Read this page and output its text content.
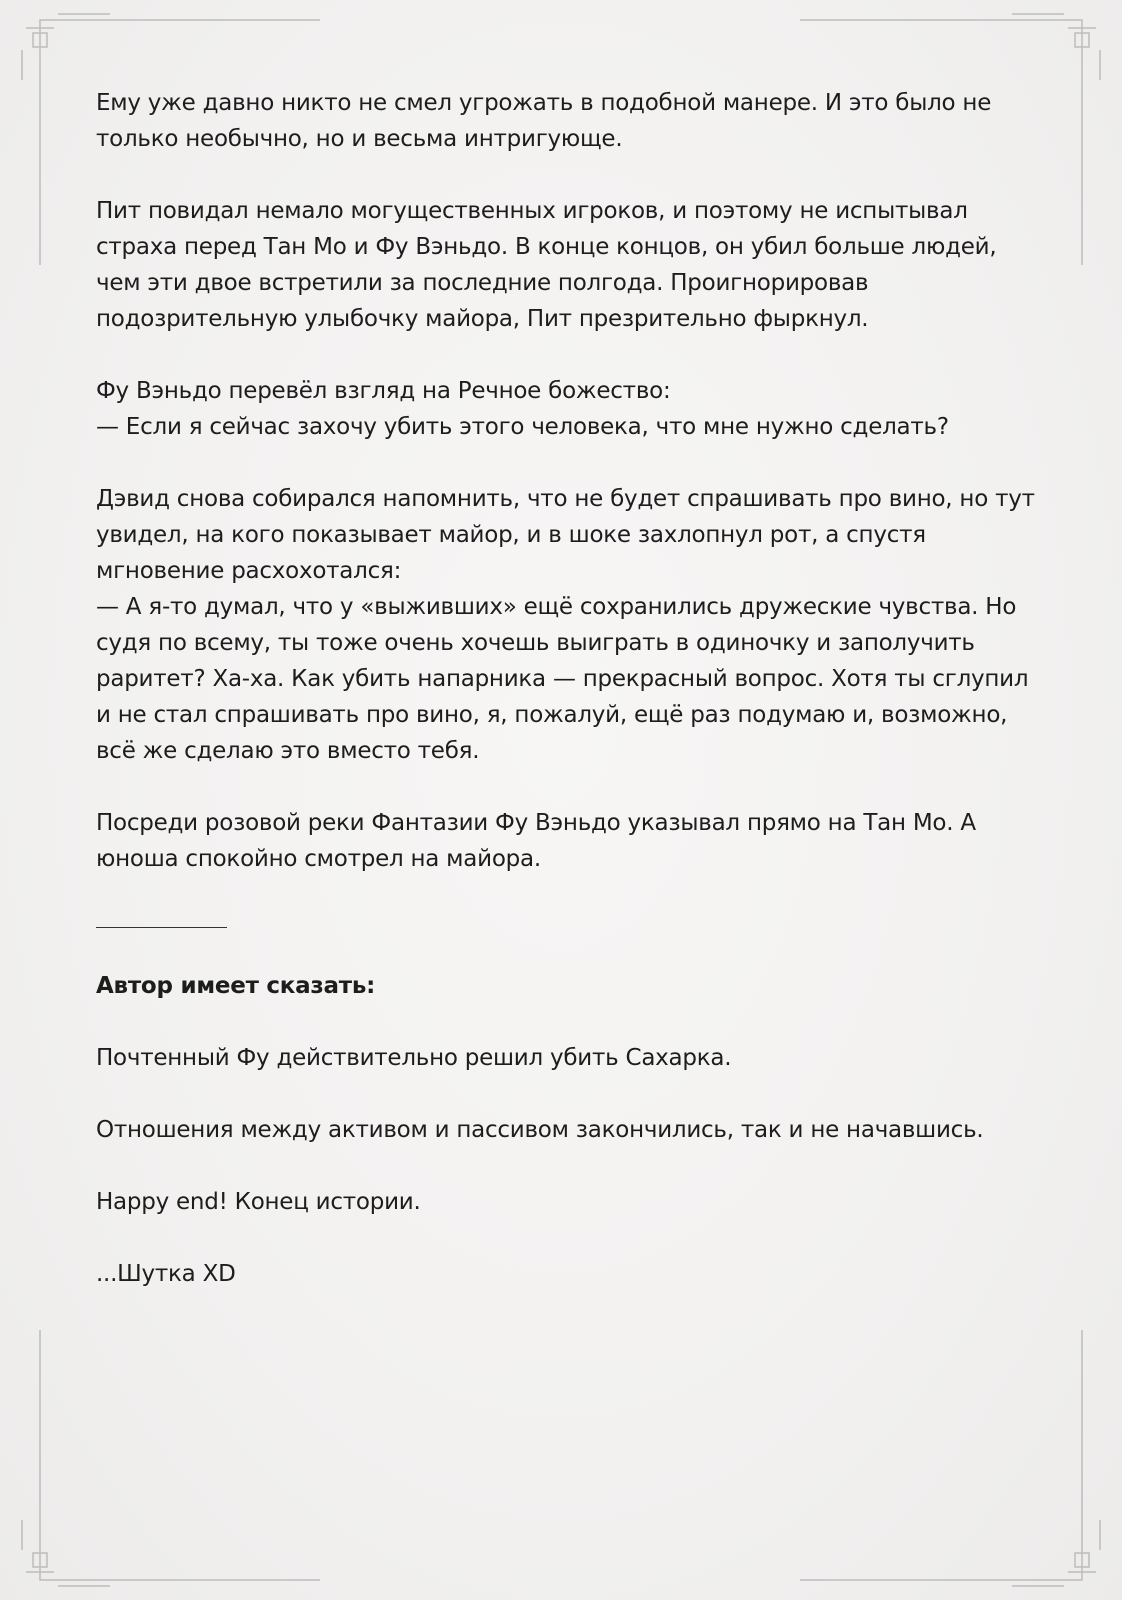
Ему уже давно никто не смел угрожать в подобной манере. И это было не только необычно, но и весьма интригующе.

Пит повидал немало могущественных игроков, и поэтому не испытывал страха перед Тан Мо и Фу Вэньдо. В конце концов, он убил больше людей, чем эти двое встретили за последние полгода. Проигнорировав подозрительную улыбочку майора, Пит презрительно фыркнул.

Фу Вэньдо перевёл взгляд на Речное божество:

— Если я сейчас захочу убить этого человека, что мне нужно сделать?

Дэвид снова собирался напомнить, что не будет спрашивать про вино, но тут увидел, на кого показывает майор, и в шоке захлопнул рот, а спустя мгновение расхохотался:

— А я-то думал, что у «выживших» ещё сохранились дружеские чувства. Но судя по всему, ты тоже очень хочешь выиграть в одиночку и заполучить раритет? Ха-ха. Как убить напарника — прекрасный вопрос. Хотя ты сглупил и не стал спрашивать про вино, я, пожалуй, ещё раз подумаю и, возможно, всё же сделаю это вместо тебя.

Посреди розовой реки Фантазии Фу Вэньдо указывал прямо на Тан Мо. А юноша спокойно смотрел на майора.

Автор имеет сказать:

Почтенный Фу действительно решил убить Сахарка.

Отношения между активом и пассивом закончились, так и не начавшись.

Happy end! Конец истории.

...Шутка XD
